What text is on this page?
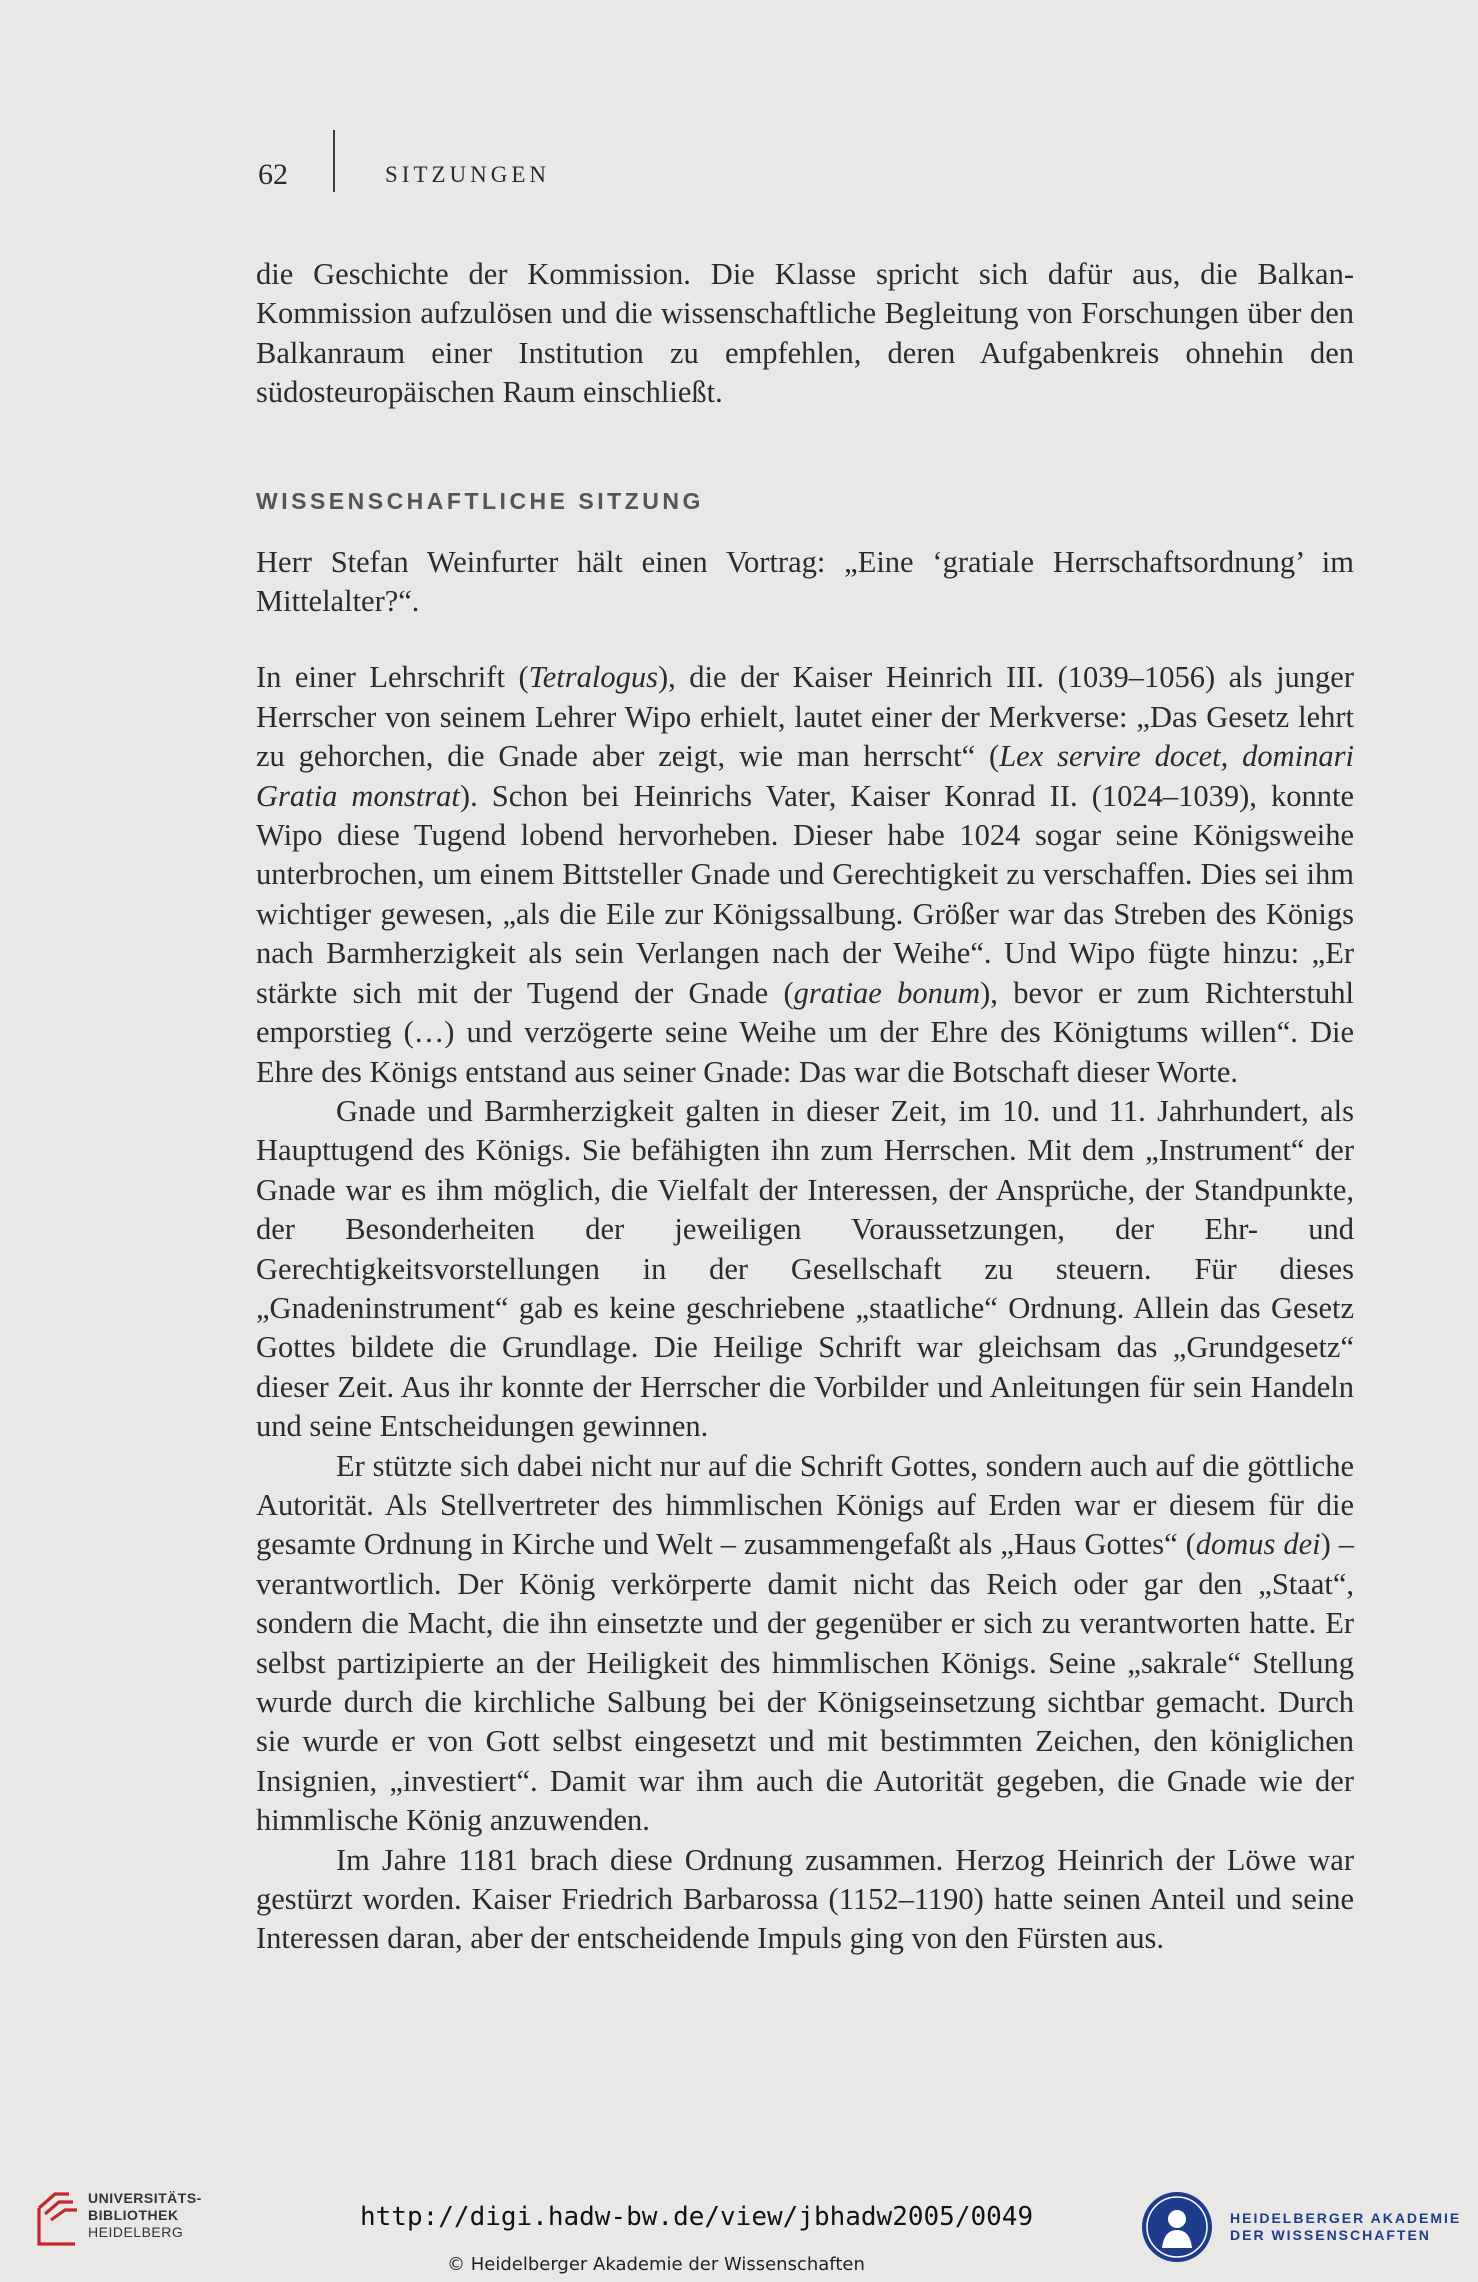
62	SITZUNGEN

die Geschichte der Kommission. Die Klasse spricht sich dafür aus, die Balkan-Kommission aufzulösen und die wissenschaftliche Begleitung von Forschungen über den Balkanraum einer Institution zu empfehlen, deren Aufgabenkreis ohnehin den südosteuropäischen Raum einschließt.

WISSENSCHAFTLICHE SITZUNG

Herr Stefan Weinfurter hält einen Vortrag: „Eine ‘gratiale Herrschaftsordnung’ im Mittelalter?“.

In einer Lehrschrift (Tetralogus), die der Kaiser Heinrich III. (1039–1056) als junger Herrscher von seinem Lehrer Wipo erhielt, lautet einer der Merkverse: „Das Gesetz lehrt zu gehorchen, die Gnade aber zeigt, wie man herrscht“ (Lex servire docet, dominari Gratia monstrat). Schon bei Heinrichs Vater, Kaiser Konrad II. (1024–1039), konnte Wipo diese Tugend lobend hervorheben. Dieser habe 1024 sogar seine Königsweihe unterbrochen, um einem Bittsteller Gnade und Gerechtigkeit zu verschaffen. Dies sei ihm wichtiger gewesen, „als die Eile zur Königssalbung. Größer war das Streben des Königs nach Barmherzigkeit als sein Verlangen nach der Weihe“. Und Wipo fügte hinzu: „Er stärkte sich mit der Tugend der Gnade (gratiae bonum), bevor er zum Richterstuhl emporstieg (…) und verzögerte seine Weihe um der Ehre des Königtums willen“. Die Ehre des Königs entstand aus seiner Gnade: Das war die Botschaft dieser Worte.

Gnade und Barmherzigkeit galten in dieser Zeit, im 10. und 11. Jahrhundert, als Haupttugend des Königs. Sie befähigten ihn zum Herrschen. Mit dem „Instrument“ der Gnade war es ihm möglich, die Vielfalt der Interessen, der Ansprüche, der Standpunkte, der Besonderheiten der jeweiligen Voraussetzungen, der Ehr- und Gerechtigkeitsvorstellungen in der Gesellschaft zu steuern. Für dieses „Gnadeninstrument“ gab es keine geschriebene „staatliche“ Ordnung. Allein das Gesetz Gottes bildete die Grundlage. Die Heilige Schrift war gleichsam das „Grundgesetz“ dieser Zeit. Aus ihr konnte der Herrscher die Vorbilder und Anleitungen für sein Handeln und seine Entscheidungen gewinnen.

Er stützte sich dabei nicht nur auf die Schrift Gottes, sondern auch auf die göttliche Autorität. Als Stellvertreter des himmlischen Königs auf Erden war er diesem für die gesamte Ordnung in Kirche und Welt – zusammengefaßt als „Haus Gottes“ (domus dei) – verantwortlich. Der König verkörperte damit nicht das Reich oder gar den „Staat“, sondern die Macht, die ihn einsetzte und der gegenüber er sich zu verantworten hatte. Er selbst partizipierte an der Heiligkeit des himmlischen Königs. Seine „sakrale“ Stellung wurde durch die kirchliche Salbung bei der Königseinsetzung sichtbar gemacht. Durch sie wurde er von Gott selbst eingesetzt und mit bestimmten Zeichen, den königlichen Insignien, „investiert“. Damit war ihm auch die Autorität gegeben, die Gnade wie der himmlische König anzuwenden.

Im Jahre 1181 brach diese Ordnung zusammen. Herzog Heinrich der Löwe war gestürzt worden. Kaiser Friedrich Barbarossa (1152–1190) hatte seinen Anteil und seine Interessen daran, aber der entscheidende Impuls ging von den Fürsten aus.

UNIVERSITÄTS-
BIBLIOTHEK
HEIDELBERG	http://digi.hadw-bw.de/view/jbhadw2005/0049
© Heidelberger Akademie der Wissenschaften
HEIDELBERGER AKADEMIE
DER WISSENSCHAFTEN
